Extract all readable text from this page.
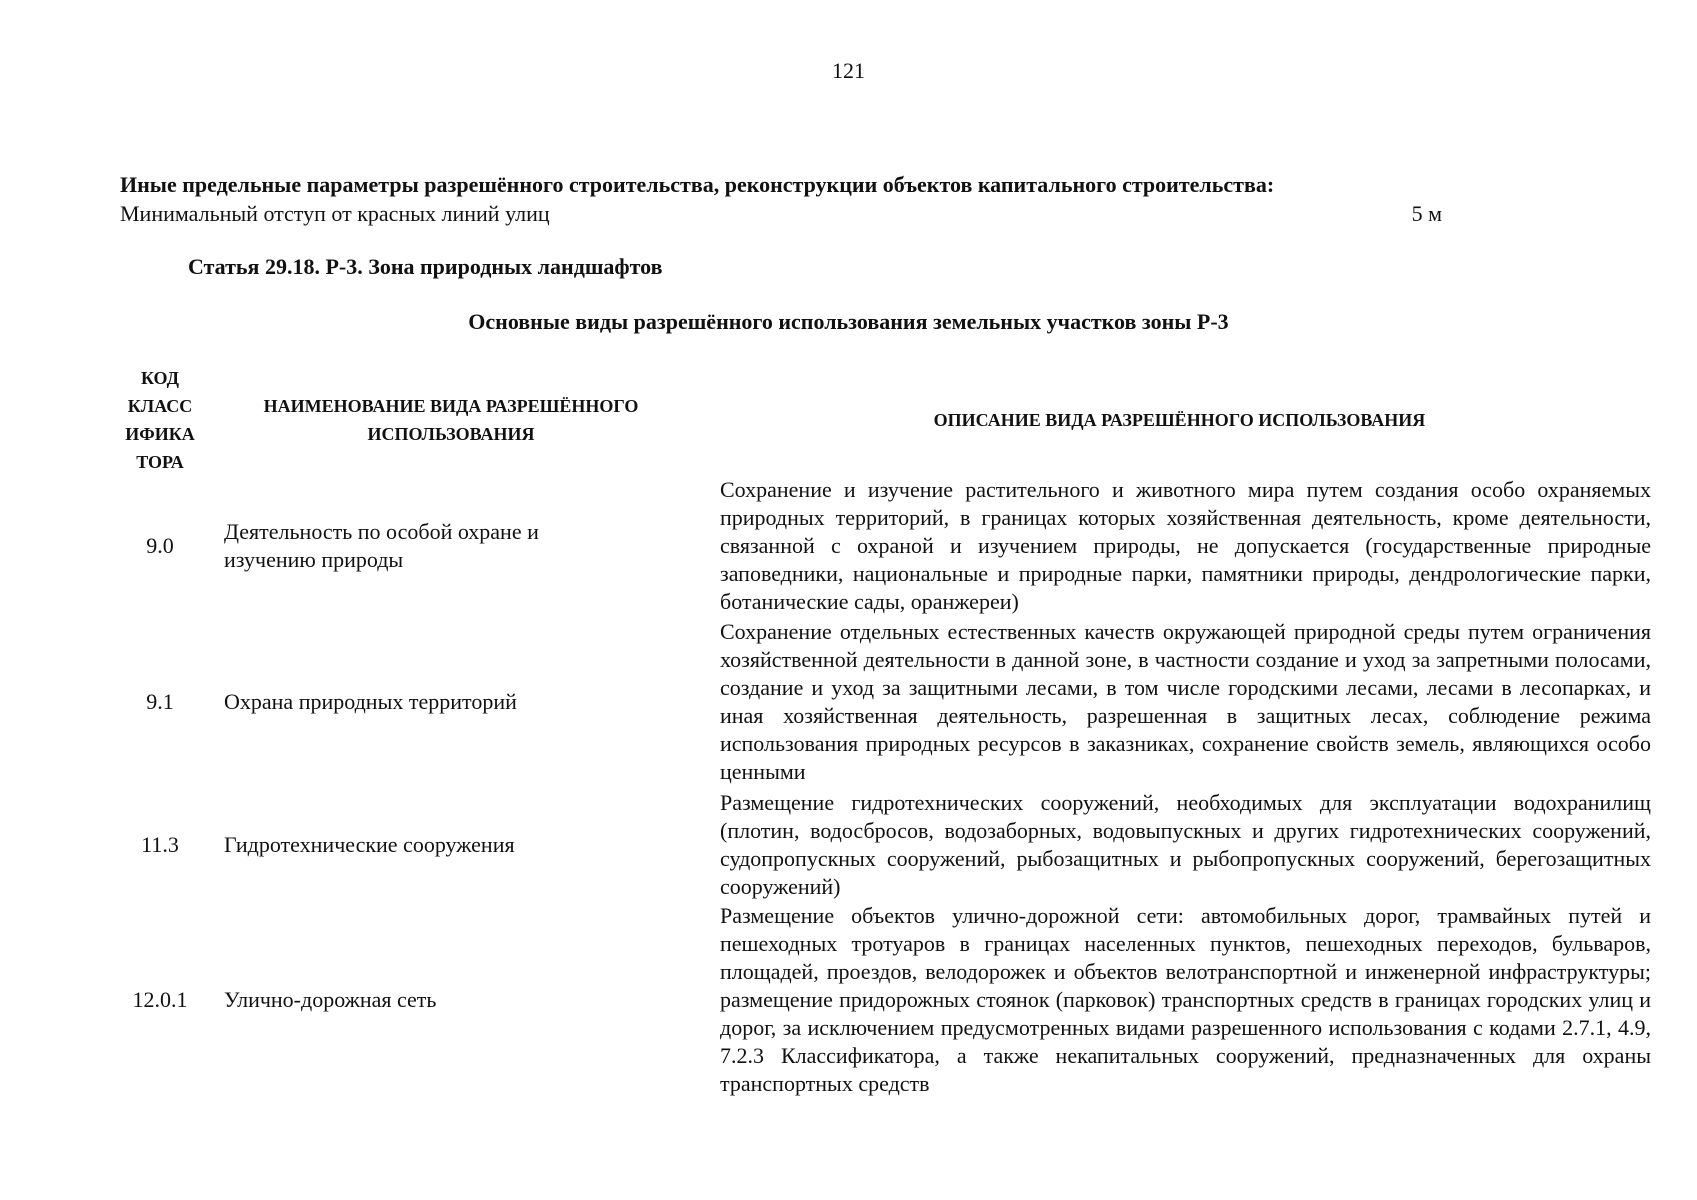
121
Иные предельные параметры разрешённого строительства, реконструкции объектов капитального строительства:
Минимальный отступ от красных линий улиц	5 м
Статья 29.18. Р-3. Зона природных ландшафтов
Основные виды разрешённого использования земельных участков зоны Р-3
КОД КЛАСС ИФИКА ТОРА	НАИМЕНОВАНИЕ ВИДА РАЗРЕШЁННОГО ИСПОЛЬЗОВАНИЯ	ОПИСАНИЕ ВИДА РАЗРЕШЁННОГО ИСПОЛЬЗОВАНИЯ
9.0	Деятельность по особой охране и изучению природы	Сохранение и изучение растительного и животного мира путем создания особо охраняемых природных территорий, в границах которых хозяйственная деятельность, кроме деятельности, связанной с охраной и изучением природы, не допускается (государственные природные заповедники, национальные и природные парки, памятники природы, дендрологические парки, ботанические сады, оранжереи)
9.1	Охрана природных территорий	Сохранение отдельных естественных качеств окружающей природной среды путем ограничения хозяйственной деятельности в данной зоне, в частности создание и уход за запретными полосами, создание и уход за защитными лесами, в том числе городскими лесами, лесами в лесопарках, и иная хозяйственная деятельность, разрешенная в защитных лесах, соблюдение режима использования природных ресурсов в заказниках, сохранение свойств земель, являющихся особо ценными
11.3	Гидротехнические сооружения	Размещение гидротехнических сооружений, необходимых для эксплуатации водохранилищ (плотин, водосбросов, водозаборных, водовыпускных и других гидротехнических сооружений, судопропускных сооружений, рыбозащитных и рыбопропускных сооружений, берегозащитных сооружений)
12.0.1	Улично-дорожная сеть	Размещение объектов улично-дорожной сети: автомобильных дорог, трамвайных путей и пешеходных тротуаров в границах населенных пунктов, пешеходных переходов, бульваров, площадей, проездов, велодорожек и объектов велотранспортной и инженерной инфраструктуры; размещение придорожных стоянок (парковок) транспортных средств в границах городских улиц и дорог, за исключением предусмотренных видами разрешенного использования с кодами 2.7.1, 4.9, 7.2.3 Классификатора, а также некапитальных сооружений, предназначенных для охраны транспортных средств
